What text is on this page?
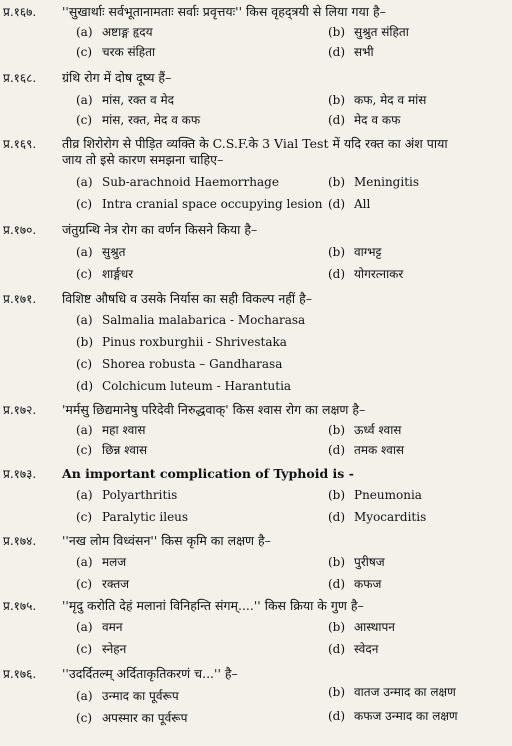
प्र.१६७. ''सुखार्थाः सर्वभूतानामताः सर्वाः प्रवृत्तयः'' किस वृहद्‌त्रयी से लिया गया है–
(a) अष्टाङ्ग हृदय	(b) सुश्रुत संहिता
(c) चरक संहिता	(d) सभी
प्र.१६८. ग्रंथि रोग में दोष दूष्य हैं–
(a) मांस, रक्त व मेद	(b) कफ, मेद व मांस
(c) मांस, रक्त, मेद व कफ	(d) मेद व कफ
प्र.१६९. तीव्र शिरोरोग से पीड़ित व्यक्ति के C.S.F.के 3 Vial Test में यदि रक्त का अंश पाया
जाय तो इसे कारण समझना चाहिए–
(a) Sub-arachnoid Haemorrhage	(b) Meningitis
(c) Intra cranial space occupying lesion (d) All
प्र.१७०. जंतुग्रन्थि नेत्र रोग का वर्णन किसने किया है–
(a) सुश्रुत	(b) वाग्भट्ट
(c) शार्ङ्गधर	(d) योगरत्नाकर
प्र.१७१. विशिष्ट औषधि व उसके निर्यास का सही विकल्प नहीं है–
(a) Salmalia malabarica - Mocharasa
(b) Pinus roxburghii - Shrivestaka
(c) Shorea robusta – Gandharasa
(d) Colchicum luteum - Harantutia
प्र.१७२. 'मर्मसु छिद्यमानेषु परिदेवी निरुद्धवाक्' किस श्वास रोग का लक्षण है–
(a) महा श्वास	(b) ऊर्ध्व श्वास
(c) छिन्न श्वास	(d) तमक श्वास
प्र.१७३. An important complication of Typhoid is -
(a) Polyarthritis	(b) Pneumonia
(c) Paralytic ileus	(d) Myocarditis
प्र.१७४. ''नख लोम विध्वंसन'' किस कृमि का लक्षण है–
(a) मलज	(b) पुरीषज
(c) रक्तज	(d) कफज
प्र.१७५. ''मृदु करोति देहं मलानां विनिहन्ति संगम्....'' किस क्रिया के गुण है–
(a) वमन	(b) आस्थापन
(c) स्नेहन	(d) स्वेदन
प्र.१७६. ''उदर्दितल्म् अर्दिताकृतिकरणं च...'' है–
(a) उन्माद का पूर्वरूप	(b) वातज उन्माद का लक्षण
(c) अपस्मार का पूर्वरूप	(d) कफज उन्माद का लक्षण
